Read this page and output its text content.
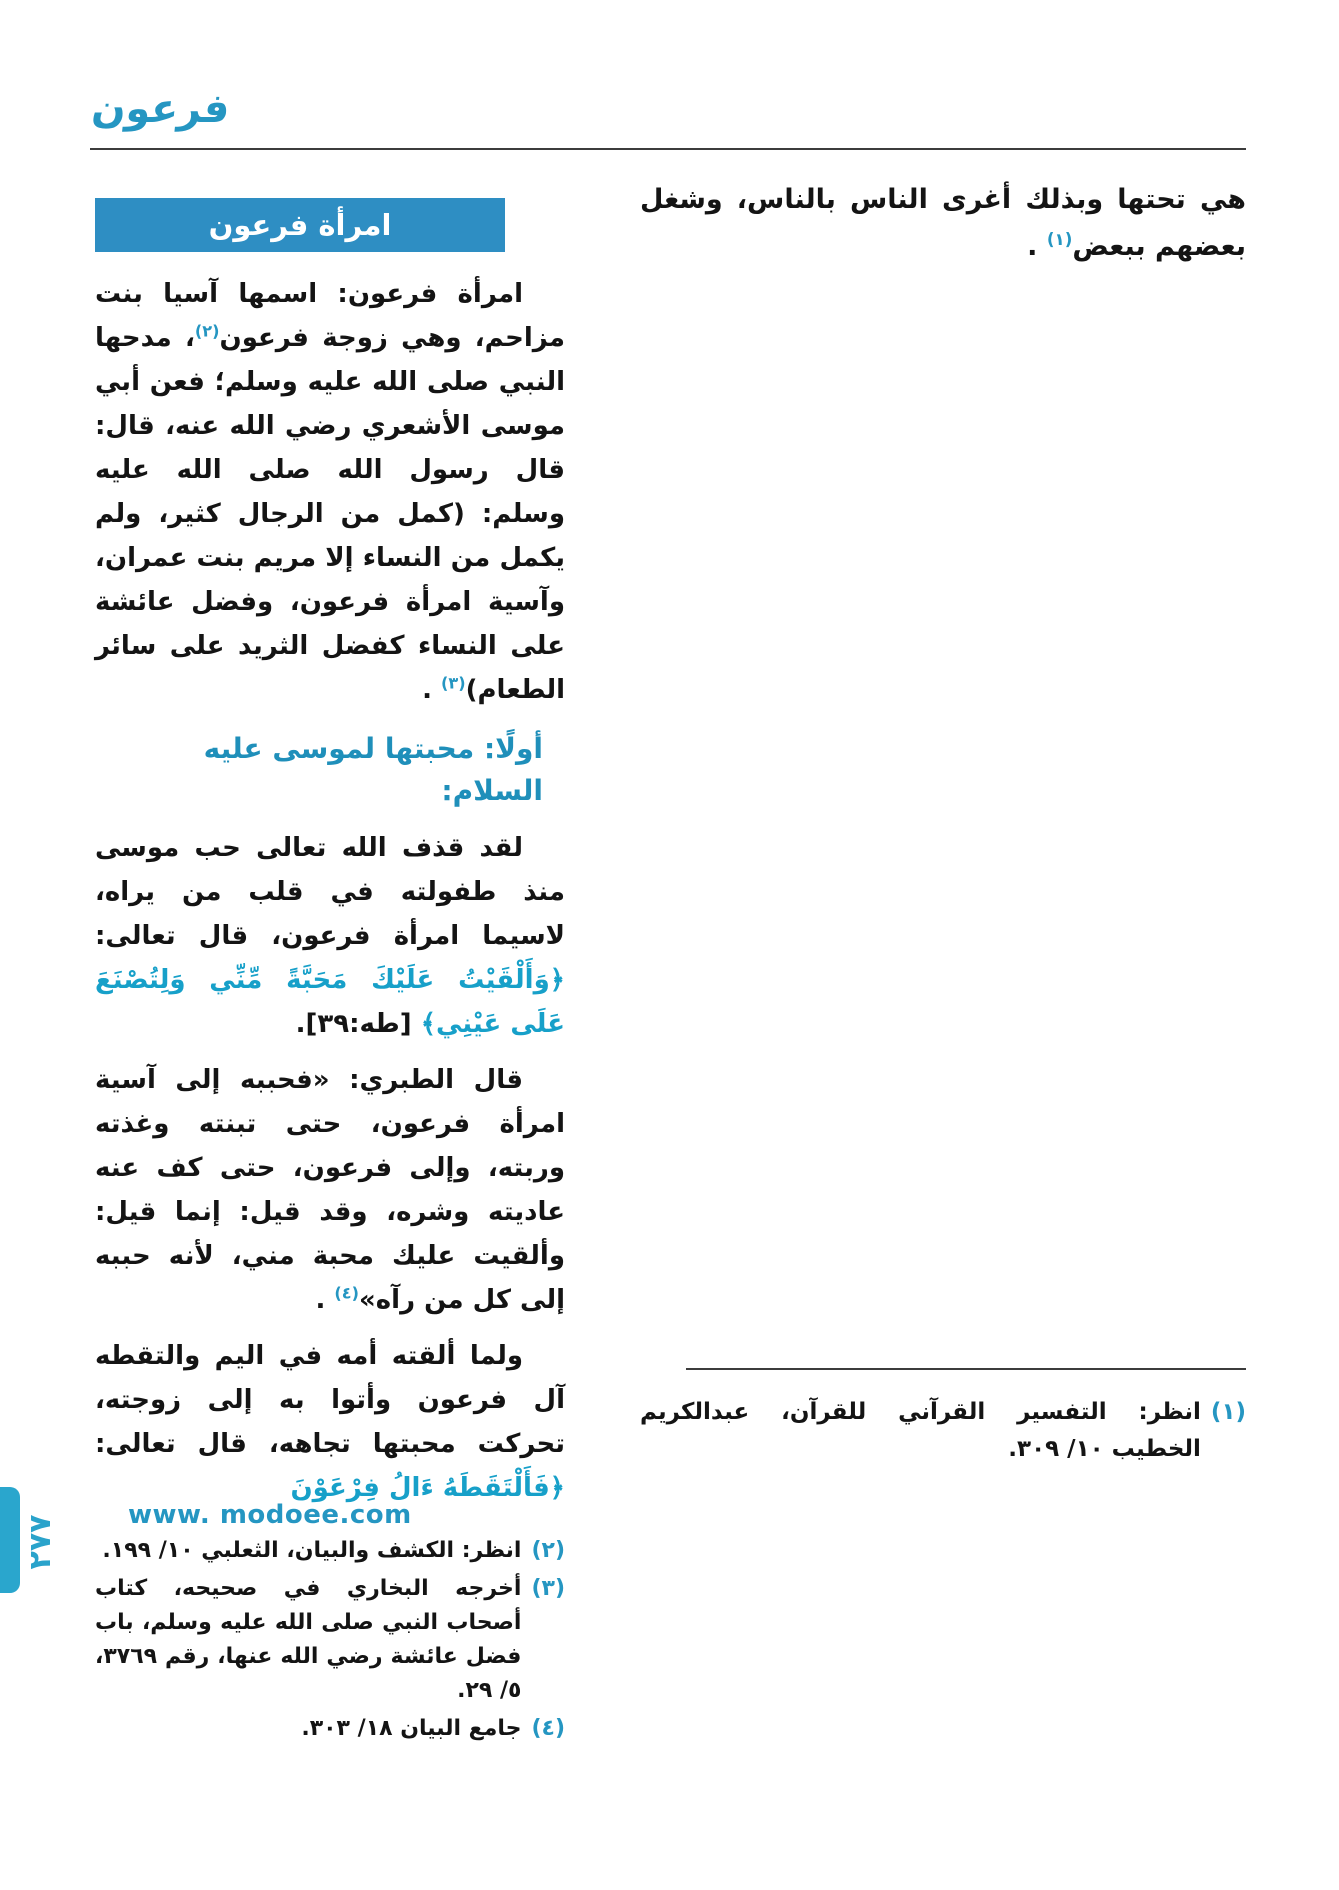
فرعون

هي تحتها وبذلك أغرى الناس بالناس، وشغل بعضهم ببعض$^{(١)}$ .

(١)
انظر: التفسير القرآني للقرآن، عبدالكريم الخطيب ١٠/ ٣٠٩.
امرأة فرعون

امرأة فرعون: اسمها آسيا بنت مزاحم، وهي زوجة فرعون$^{(٢)}$، مدحها النبي صلى الله عليه وسلم؛ فعن أبي موسى الأشعري رضي الله عنه، قال: قال رسول الله صلى الله عليه وسلم: (كمل من الرجال كثير، ولم يكمل من النساء إلا مريم بنت عمران، وآسية امرأة فرعون، وفضل عائشة على النساء كفضل الثريد على سائر الطعام)$^{(٣)}$ .

أولًا: محبتها لموسى عليه السلام:

لقد قذف الله تعالى حب موسى منذ طفولته في قلب من يراه، لاسيما امرأة فرعون، قال تعالى: ﴿وَأَلْقَيْتُ عَلَيْكَ مَحَبَّةً مِّنِّي وَلِتُصْنَعَ عَلَى عَيْنِي﴾ [طه:٣٩].

قال الطبري: «فحببه إلى آسية امرأة فرعون، حتى تبنته وغذته وربته، وإلى فرعون، حتى كف عنه عاديته وشره، وقد قيل: إنما قيل: وألقيت عليك محبة مني، لأنه حببه إلى كل من رآه»$^{(٤)}$ .

ولما ألقته أمه في اليم والتقطه آل فرعون وأتوا به إلى زوجته، تحركت محبتها تجاهه، قال تعالى: ﴿فَأَلْتَقَطَهُ ءَالُ فِرْعَوْنَ

(٢)
انظر: الكشف والبيان، الثعلبي ١٠/ ١٩٩.
(٣)
أخرجه البخاري في صحيحه، كتاب أصحاب النبي صلى الله عليه وسلم، باب فضل عائشة رضي الله عنها، رقم ٣٧٦٩، ٥/ ٢٩.
(٤)
جامع البيان ١٨/ ٣٠٣.
٢٧٧	www. modoee.com
